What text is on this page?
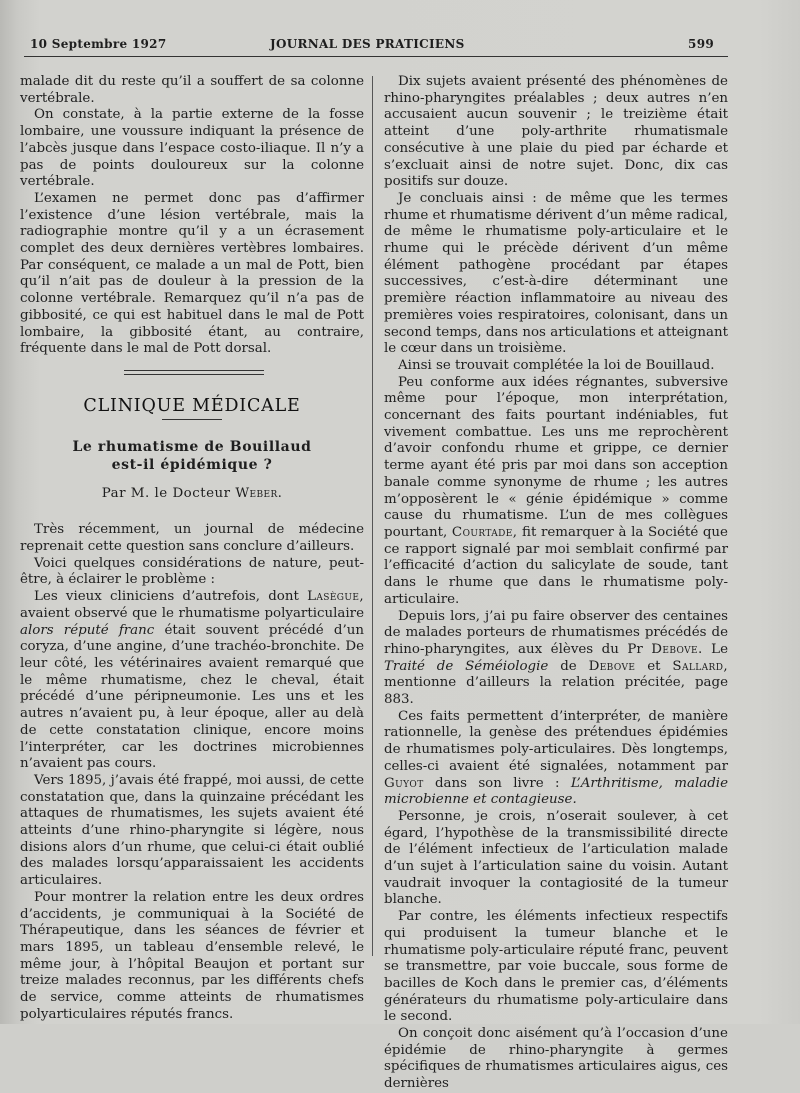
10 Septembre 1927	JOURNAL DES PRATICIENS	599

malade dit du reste qu’il a souffert de sa colonne vertébrale.

On constate, à la partie externe de la fosse lombaire, une voussure indiquant la présence de l’abcès jusque dans l’espace costo-iliaque. Il n’y a pas de points douloureux sur la colonne vertébrale.

L’examen ne permet donc pas d’affirmer l’existence d’une lésion vertébrale, mais la radiographie montre qu’il y a un écrasement complet des deux dernières vertèbres lombaires. Par conséquent, ce malade a un mal de Pott, bien qu’il n’ait pas de douleur à la pression de la colonne vertébrale. Remarquez qu’il n’a pas de gibbosité, ce qui est habituel dans le mal de Pott lombaire, la gibbosité étant, au contraire, fréquente dans le mal de Pott dorsal.

CLINIQUE MÉDICALE
Le rhumatisme de Bouillaud
est-il épidémique ?
Par M. le Docteur Weber.

Très récemment, un journal de médecine reprenait cette question sans conclure d’ailleurs.

Voici quelques considérations de nature, peut-être, à éclairer le problème :

Les vieux cliniciens d’autrefois, dont Lasègue, avaient observé que le rhumatisme polyarticulaire alors réputé franc était souvent précédé d’un coryza, d’une angine, d’une trachéo-bronchite. De leur côté, les vétérinaires avaient remarqué que le même rhumatisme, chez le cheval, était précédé d’une péripneumonie. Les uns et les autres n’avaient pu, à leur époque, aller au delà de cette constatation clinique, encore moins l’interpréter, car les doctrines microbiennes n’avaient pas cours.

Vers 1895, j’avais été frappé, moi aussi, de cette constatation que, dans la quinzaine précédant les attaques de rhumatismes, les sujets avaient été atteints d’une rhino-pharyngite si légère, nous disions alors d’un rhume, que celui-ci était oublié des malades lorsqu’apparaissaient les accidents articulaires.

Pour montrer la relation entre les deux ordres d’accidents, je communiquai à la Société de Thérapeutique, dans les séances de février et mars 1895, un tableau d’ensemble relevé, le même jour, à l’hôpital Beaujon et portant sur treize malades reconnus, par les différents chefs de service, comme atteints de rhumatismes polyarticulaires réputés francs.

Dix sujets avaient présenté des phénomènes de rhino-pharyngites préalables ; deux autres n’en accusaient aucun souvenir ; le treizième était atteint d’une poly-arthrite rhumatismale consécutive à une plaie du pied par écharde et s’excluait ainsi de notre sujet. Donc, dix cas positifs sur douze.

Je concluais ainsi : de même que les termes rhume et rhumatisme dérivent d’un même radical, de même le rhumatisme poly-articulaire et le rhume qui le précède dérivent d’un même élément pathogène procédant par étapes successives, c’est-à-dire déterminant une première réaction inflammatoire au niveau des premières voies respiratoires, colonisant, dans un second temps, dans nos articulations et atteignant le cœur dans un troisième.

Ainsi se trouvait complétée la loi de Bouillaud.

Peu conforme aux idées régnantes, subversive même pour l’époque, mon interprétation, concernant des faits pourtant indéniables, fut vivement combattue. Les uns me reprochèrent d’avoir confondu rhume et grippe, ce dernier terme ayant été pris par moi dans son acception banale comme synonyme de rhume ; les autres m’opposèrent le « génie épidémique » comme cause du rhumatisme. L’un de mes collègues pourtant, Courtade, fit remarquer à la Société que ce rapport signalé par moi semblait confirmé par l’efficacité d’action du salicylate de soude, tant dans le rhume que dans le rhumatisme poly-articulaire.

Depuis lors, j’ai pu faire observer des centaines de malades porteurs de rhumatismes précédés de rhino-pharyngites, aux élèves du Pr Debove. Le Traité de Séméiologie de Debove et Sallard, mentionne d’ailleurs la relation précitée, page 883.

Ces faits permettent d’interpréter, de manière rationnelle, la genèse des prétendues épidémies de rhumatismes poly-articulaires. Dès longtemps, celles-ci avaient été signalées, notamment par Guyot dans son livre : L’Arthritisme, maladie microbienne et contagieuse.

Personne, je crois, n’oserait soulever, à cet égard, l’hypothèse de la transmissibilité directe de l’élément infectieux de l’articulation malade d’un sujet à l’articulation saine du voisin. Autant vaudrait invoquer la contagiosité de la tumeur blanche.

Par contre, les éléments infectieux respectifs qui produisent la tumeur blanche et le rhumatisme poly-articulaire réputé franc, peuvent se transmettre, par voie buccale, sous forme de bacilles de Koch dans le premier cas, d’éléments générateurs du rhumatisme poly-articulaire dans le second.

On conçoit donc aisément qu’à l’occasion d’une épidémie de rhino-pharyngite à germes spécifiques de rhumatismes articulaires aigus, ces dernières
